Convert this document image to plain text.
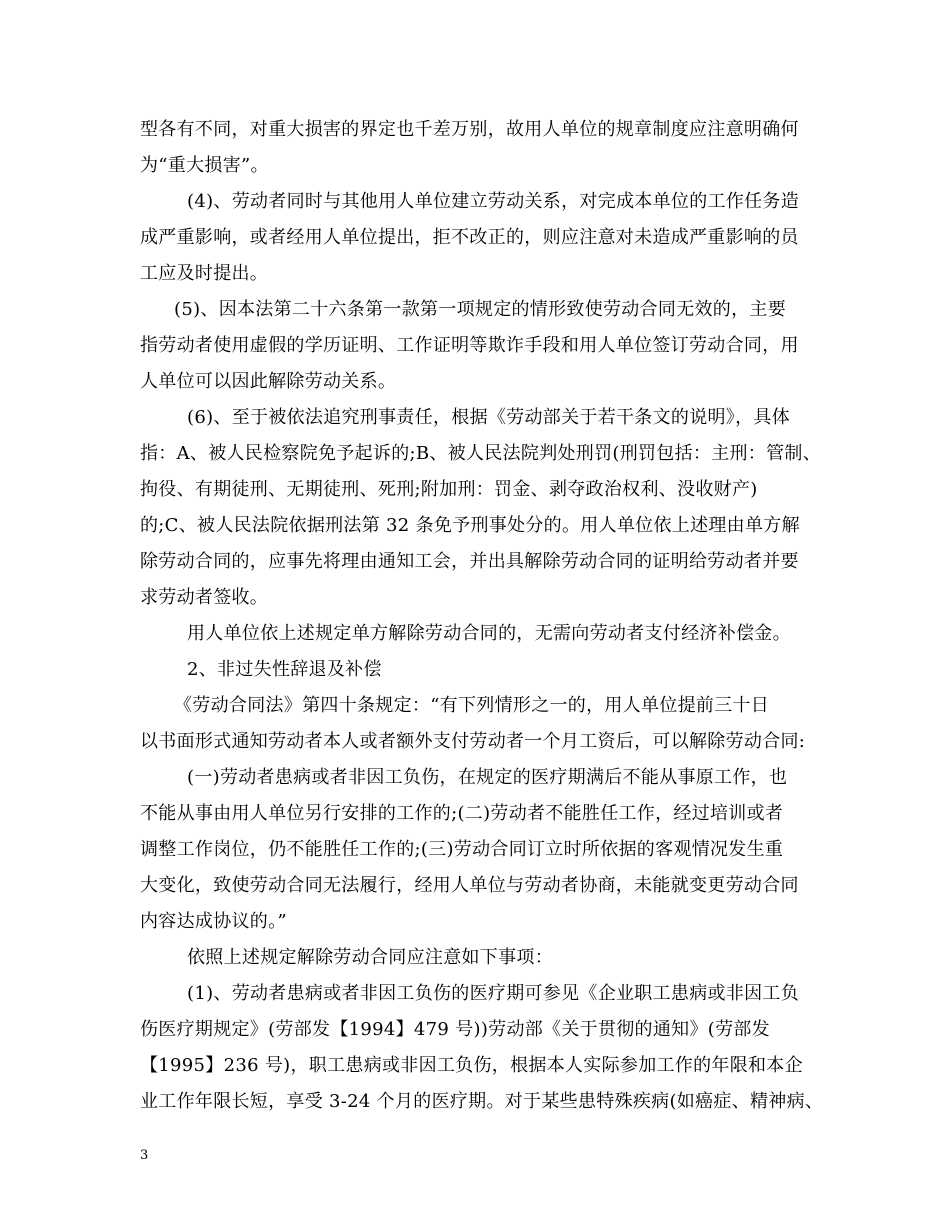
型各有不同，对重大损害的界定也千差万别，故用人单位的规章制度应注意明确何
为“重大损害”。
(4)、劳动者同时与其他用人单位建立劳动关系，对完成本单位的工作任务造
成严重影响，或者经用人单位提出，拒不改正的，则应注意对未造成严重影响的员
工应及时提出。
(5)、因本法第二十六条第一款第一项规定的情形致使劳动合同无效的，主要
指劳动者使用虚假的学历证明、工作证明等欺诈手段和用人单位签订劳动合同，用
人单位可以因此解除劳动关系。
(6)、至于被依法追究刑事责任，根据《劳动部关于若干条文的说明》，具体
指：A、被人民检察院免予起诉的;B、被人民法院判处刑罚(刑罚包括：主刑：管制、
拘役、有期徒刑、无期徒刑、死刑;附加刑：罚金、剥夺政治权利、没收财产)
的;C、被人民法院依据刑法第 32 条免予刑事处分的。用人单位依上述理由单方解
除劳动合同的，应事先将理由通知工会，并出具解除劳动合同的证明给劳动者并要
求劳动者签收。
用人单位依上述规定单方解除劳动合同的，无需向劳动者支付经济补偿金。
2、非过失性辞退及补偿
《劳动合同法》第四十条规定：“有下列情形之一的，用人单位提前三十日
以书面形式通知劳动者本人或者额外支付劳动者一个月工资后，可以解除劳动合同:
(一)劳动者患病或者非因工负伤，在规定的医疗期满后不能从事原工作，也
不能从事由用人单位另行安排的工作的;(二)劳动者不能胜任工作，经过培训或者
调整工作岗位，仍不能胜任工作的;(三)劳动合同订立时所依据的客观情况发生重
大变化，致使劳动合同无法履行，经用人单位与劳动者协商，未能就变更劳动合同
内容达成协议的。”
依照上述规定解除劳动合同应注意如下事项：
(1)、劳动者患病或者非因工负伤的医疗期可参见《企业职工患病或非因工负
伤医疗期规定》(劳部发【1994】479 号))劳动部《关于贯彻的通知》(劳部发
【1995】236 号)，职工患病或非因工负伤，根据本人实际参加工作的年限和本企
业工作年限长短，享受 3-24 个月的医疗期。对于某些患特殊疾病(如癌症、精神病、
3
